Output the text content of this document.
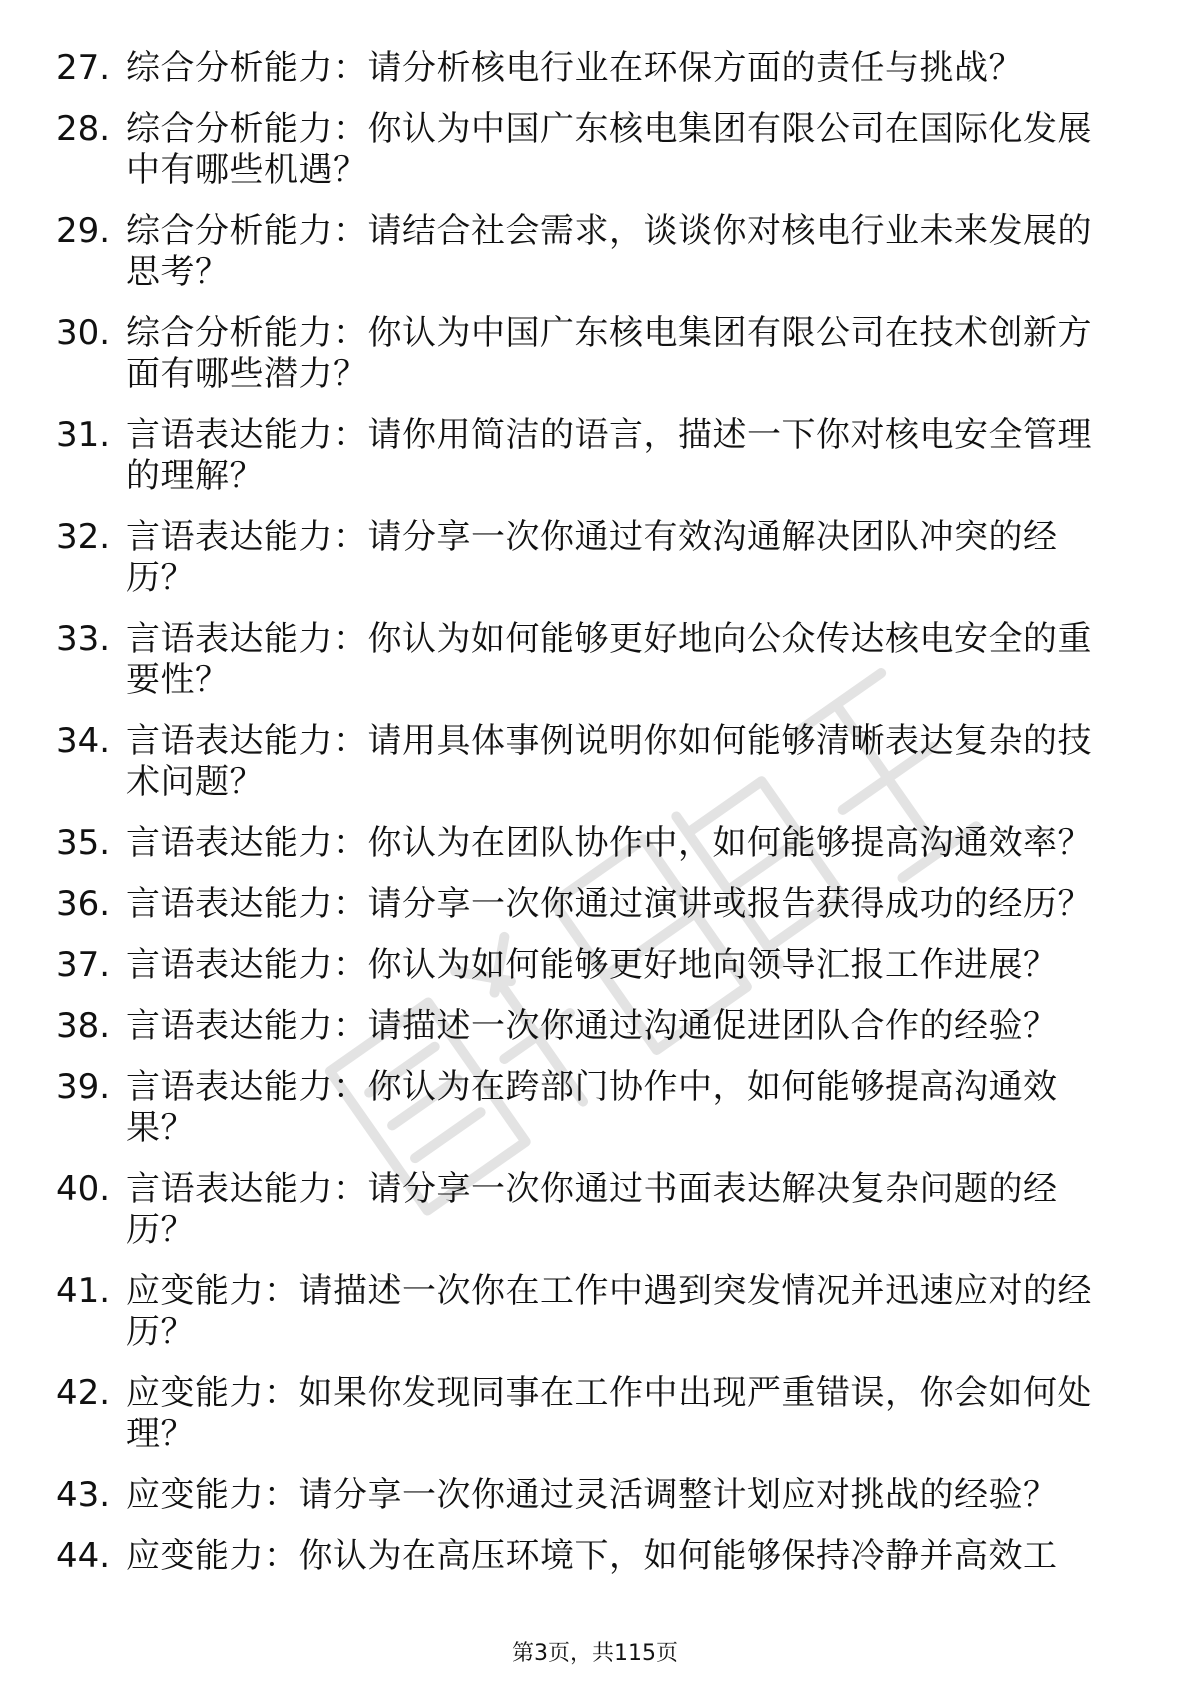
27. 综合分析能力：请分析核电行业在环保方面的责任与挑战？
28. 综合分析能力：你认为中国广东核电集团有限公司在国际化发展中有哪些机遇？
29. 综合分析能力：请结合社会需求，谈谈你对核电行业未来发展的思考？
30. 综合分析能力：你认为中国广东核电集团有限公司在技术创新方面有哪些潜力？
31. 言语表达能力：请你用简洁的语言，描述一下你对核电安全管理的理解？
32. 言语表达能力：请分享一次你通过有效沟通解决团队冲突的经历？
33. 言语表达能力：你认为如何能够更好地向公众传达核电安全的重要性？
34. 言语表达能力：请用具体事例说明你如何能够清晰表达复杂的技术问题？
35. 言语表达能力：你认为在团队协作中，如何能够提高沟通效率？
36. 言语表达能力：请分享一次你通过演讲或报告获得成功的经历？
37. 言语表达能力：你认为如何能够更好地向领导汇报工作进展？
38. 言语表达能力：请描述一次你通过沟通促进团队合作的经验？
39. 言语表达能力：你认为在跨部门协作中，如何能够提高沟通效果？
40. 言语表达能力：请分享一次你通过书面表达解决复杂问题的经历？
41. 应变能力：请描述一次你在工作中遇到突发情况并迅速应对的经历？
42. 应变能力：如果你发现同事在工作中出现严重错误，你会如何处理？
43. 应变能力：请分享一次你通过灵活调整计划应对挑战的经验？
44. 应变能力：你认为在高压环境下，如何能够保持冷静并高效工
第3页，共115页
